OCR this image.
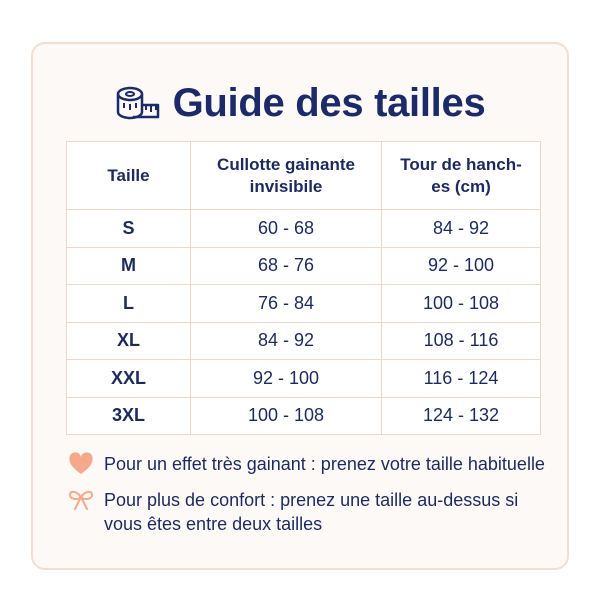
Guide des tailles
Taille	Cullotte gainante invisibile	Tour de hanch-es (cm)
S	60 - 68	84 - 92
M	68 - 76	92 - 100
L	76 - 84	100 - 108
XL	84 - 92	108 - 116
XXL	92 - 100	116 - 124
3XL	100 - 108	124 - 132
Pour un effet très gainant : prenez votre taille habituelle
Pour plus de confort : prenez une taille au-dessus si vous êtes entre deux tailles
